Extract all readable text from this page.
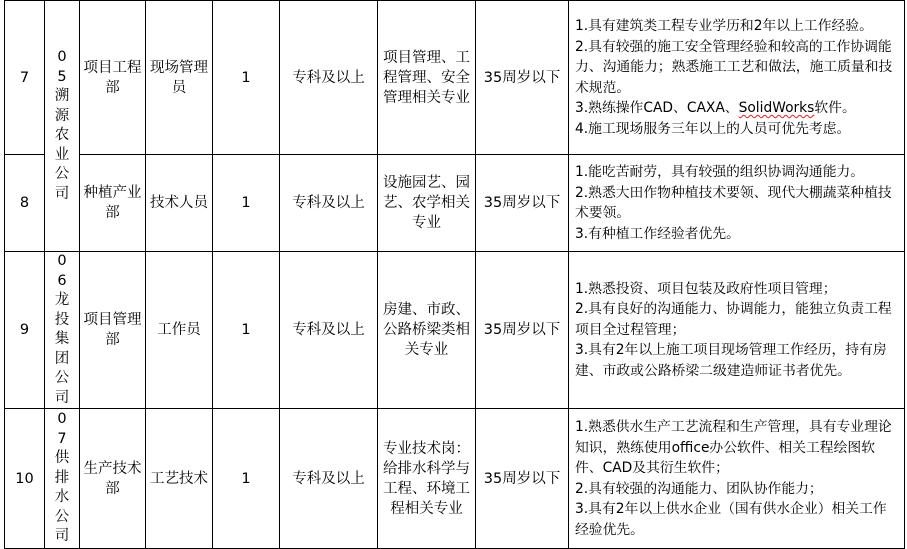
7	05溯源农业公司	项目工程部	现场管理员	1	专科及以上	项目管理、工程管理、安全管理相关专业	35周岁以下	1.具有建筑类工程专业学历和2年以上工作经验。
2.具有较强的施工安全管理经验和较高的工作协调能力、沟通能力；熟悉施工工艺和做法，施工质量和技术规范。
3.熟练操作CAD、CAXA、SolidWorks软件。
4.施工现场服务三年以上的人员可优先考虑。

8		种植产业部	技术人员	1	专科及以上	设施园艺、园艺、农学相关专业	35周岁以下	1.能吃苦耐劳，具有较强的组织协调沟通能力。
2.熟悉大田作物种植技术要领、现代大棚蔬菜种植技术要领。
3.有种植工作经验者优先。

9	06龙投集团公司	项目管理部	工作员	1	专科及以上	房建、市政、公路桥梁类相关专业	35周岁以下	1.熟悉投资、项目包装及政府性项目管理；
2.具有良好的沟通能力、协调能力，能独立负责工程项目全过程管理；
3.具有2年以上施工项目现场管理工作经历，持有房建、市政或公路桥梁二级建造师证书者优先。

10	07供排水公司	生产技术部	工艺技术	1	专科及以上	专业技术岗：给排水科学与工程、环境工程相关专业	35周岁以下	1.熟悉供水生产工艺流程和生产管理，具有专业理论知识，熟练使用office办公软件、相关工程绘图软件、CAD及其衍生软件；
2.具有较强的沟通能力、团队协作能力；
3.具有2年以上供水企业（国有供水企业）相关工作经验优先。
